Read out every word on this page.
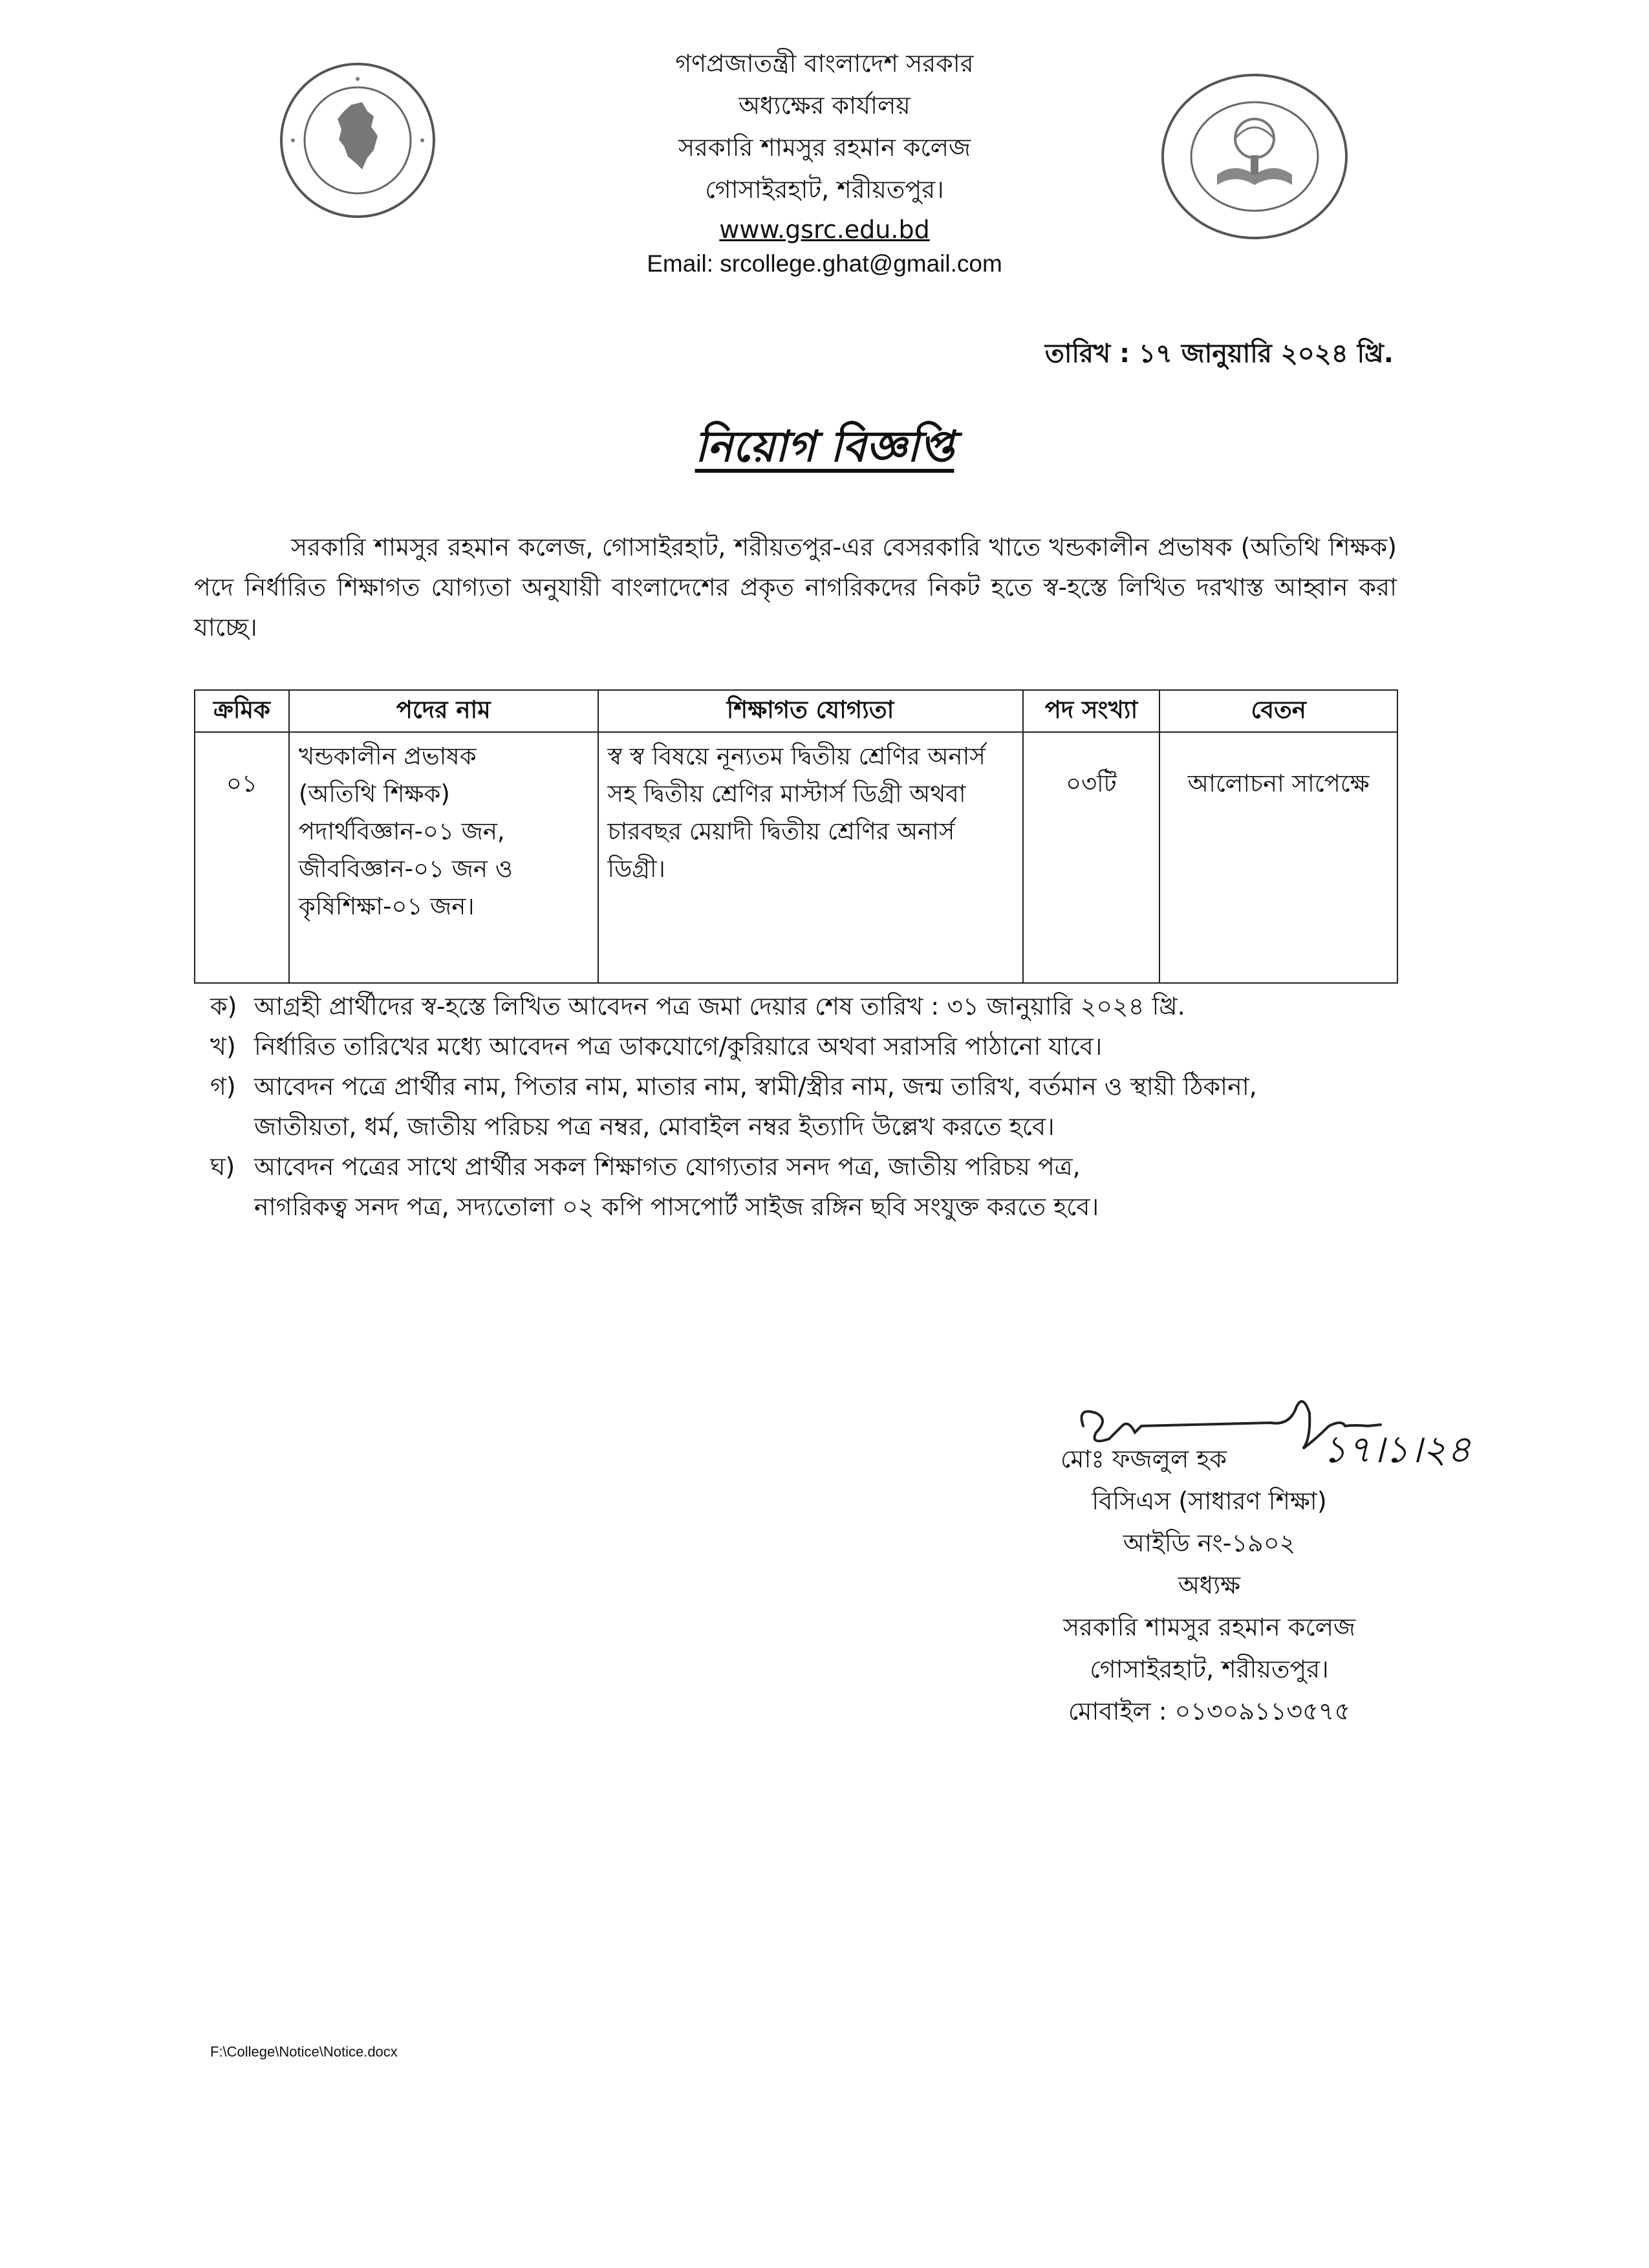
গণপ্রজাতন্ত্রী বাংলাদেশ সরকার
অধ্যক্ষের কার্যালয়
সরকারি শামসুর রহমান কলেজ
গোসাইরহাট, শরীয়তপুর।
www.gsrc.edu.bd
Email: srcollege.ghat@gmail.com
তারিখ : ১৭ জানুয়ারি ২০২৪ খ্রি.
নিয়োগ বিজ্ঞপ্তি
সরকারি শামসুর রহমান কলেজ, গোসাইরহাট, শরীয়তপুর-এর বেসরকারি খাতে খন্ডকালীন প্রভাষক (অতিথি শিক্ষক) পদে নির্ধারিত শিক্ষাগত যোগ্যতা অনুযায়ী বাংলাদেশের প্রকৃত নাগরিকদের নিকট হতে স্ব-হস্তে লিখিত দরখাস্ত আহ্বান করা যাচ্ছে।
ক্রমিক	পদের নাম	শিক্ষাগত যোগ্যতা	পদ সংখ্যা	বেতন
০১	খন্ডকালীন প্রভাষক
(অতিথি শিক্ষক)
পদার্থবিজ্ঞান-০১ জন,
জীববিজ্ঞান-০১ জন ও
কৃষিশিক্ষা-০১ জন।	স্ব স্ব বিষয়ে নূন্যতম দ্বিতীয় শ্রেণির অনার্স সহ দ্বিতীয় শ্রেণির মাস্টার্স ডিগ্রী অথবা চারবছর মেয়াদী দ্বিতীয় শ্রেণির অনার্স ডিগ্রী।	০৩টি	আলোচনা সাপেক্ষে
ক) আগ্রহী প্রার্থীদের স্ব-হস্তে লিখিত আবেদন পত্র জমা দেয়ার শেষ তারিখ : ৩১ জানুয়ারি ২০২৪ খ্রি.
খ) নির্ধারিত তারিখের মধ্যে আবেদন পত্র ডাকযোগে/কুরিয়ারে অথবা সরাসরি পাঠানো যাবে।
গ) আবেদন পত্রে প্রার্থীর নাম, পিতার নাম, মাতার নাম, স্বামী/স্ত্রীর নাম, জন্ম তারিখ, বর্তমান ও স্থায়ী ঠিকানা,
জাতীয়তা, ধর্ম, জাতীয় পরিচয় পত্র নম্বর, মোবাইল নম্বর ইত্যাদি উল্লেখ করতে হবে।
ঘ) আবেদন পত্রের সাথে প্রার্থীর সকল শিক্ষাগত যোগ্যতার সনদ পত্র, জাতীয় পরিচয় পত্র,
নাগরিকত্ব সনদ পত্র, সদ্যতোলা ০২ কপি পাসপোর্ট সাইজ রঙ্গিন ছবি সংযুক্ত করতে হবে।
মোঃ ফজলুল হক	১৭।১।২৪
বিসিএস (সাধারণ শিক্ষা)
আইডি নং-১৯০২
অধ্যক্ষ
সরকারি শামসুর রহমান কলেজ
গোসাইরহাট, শরীয়তপুর।
মোবাইল : ০১৩০৯১১৩৫৭৫
F:\College\Notice\Notice.docx
